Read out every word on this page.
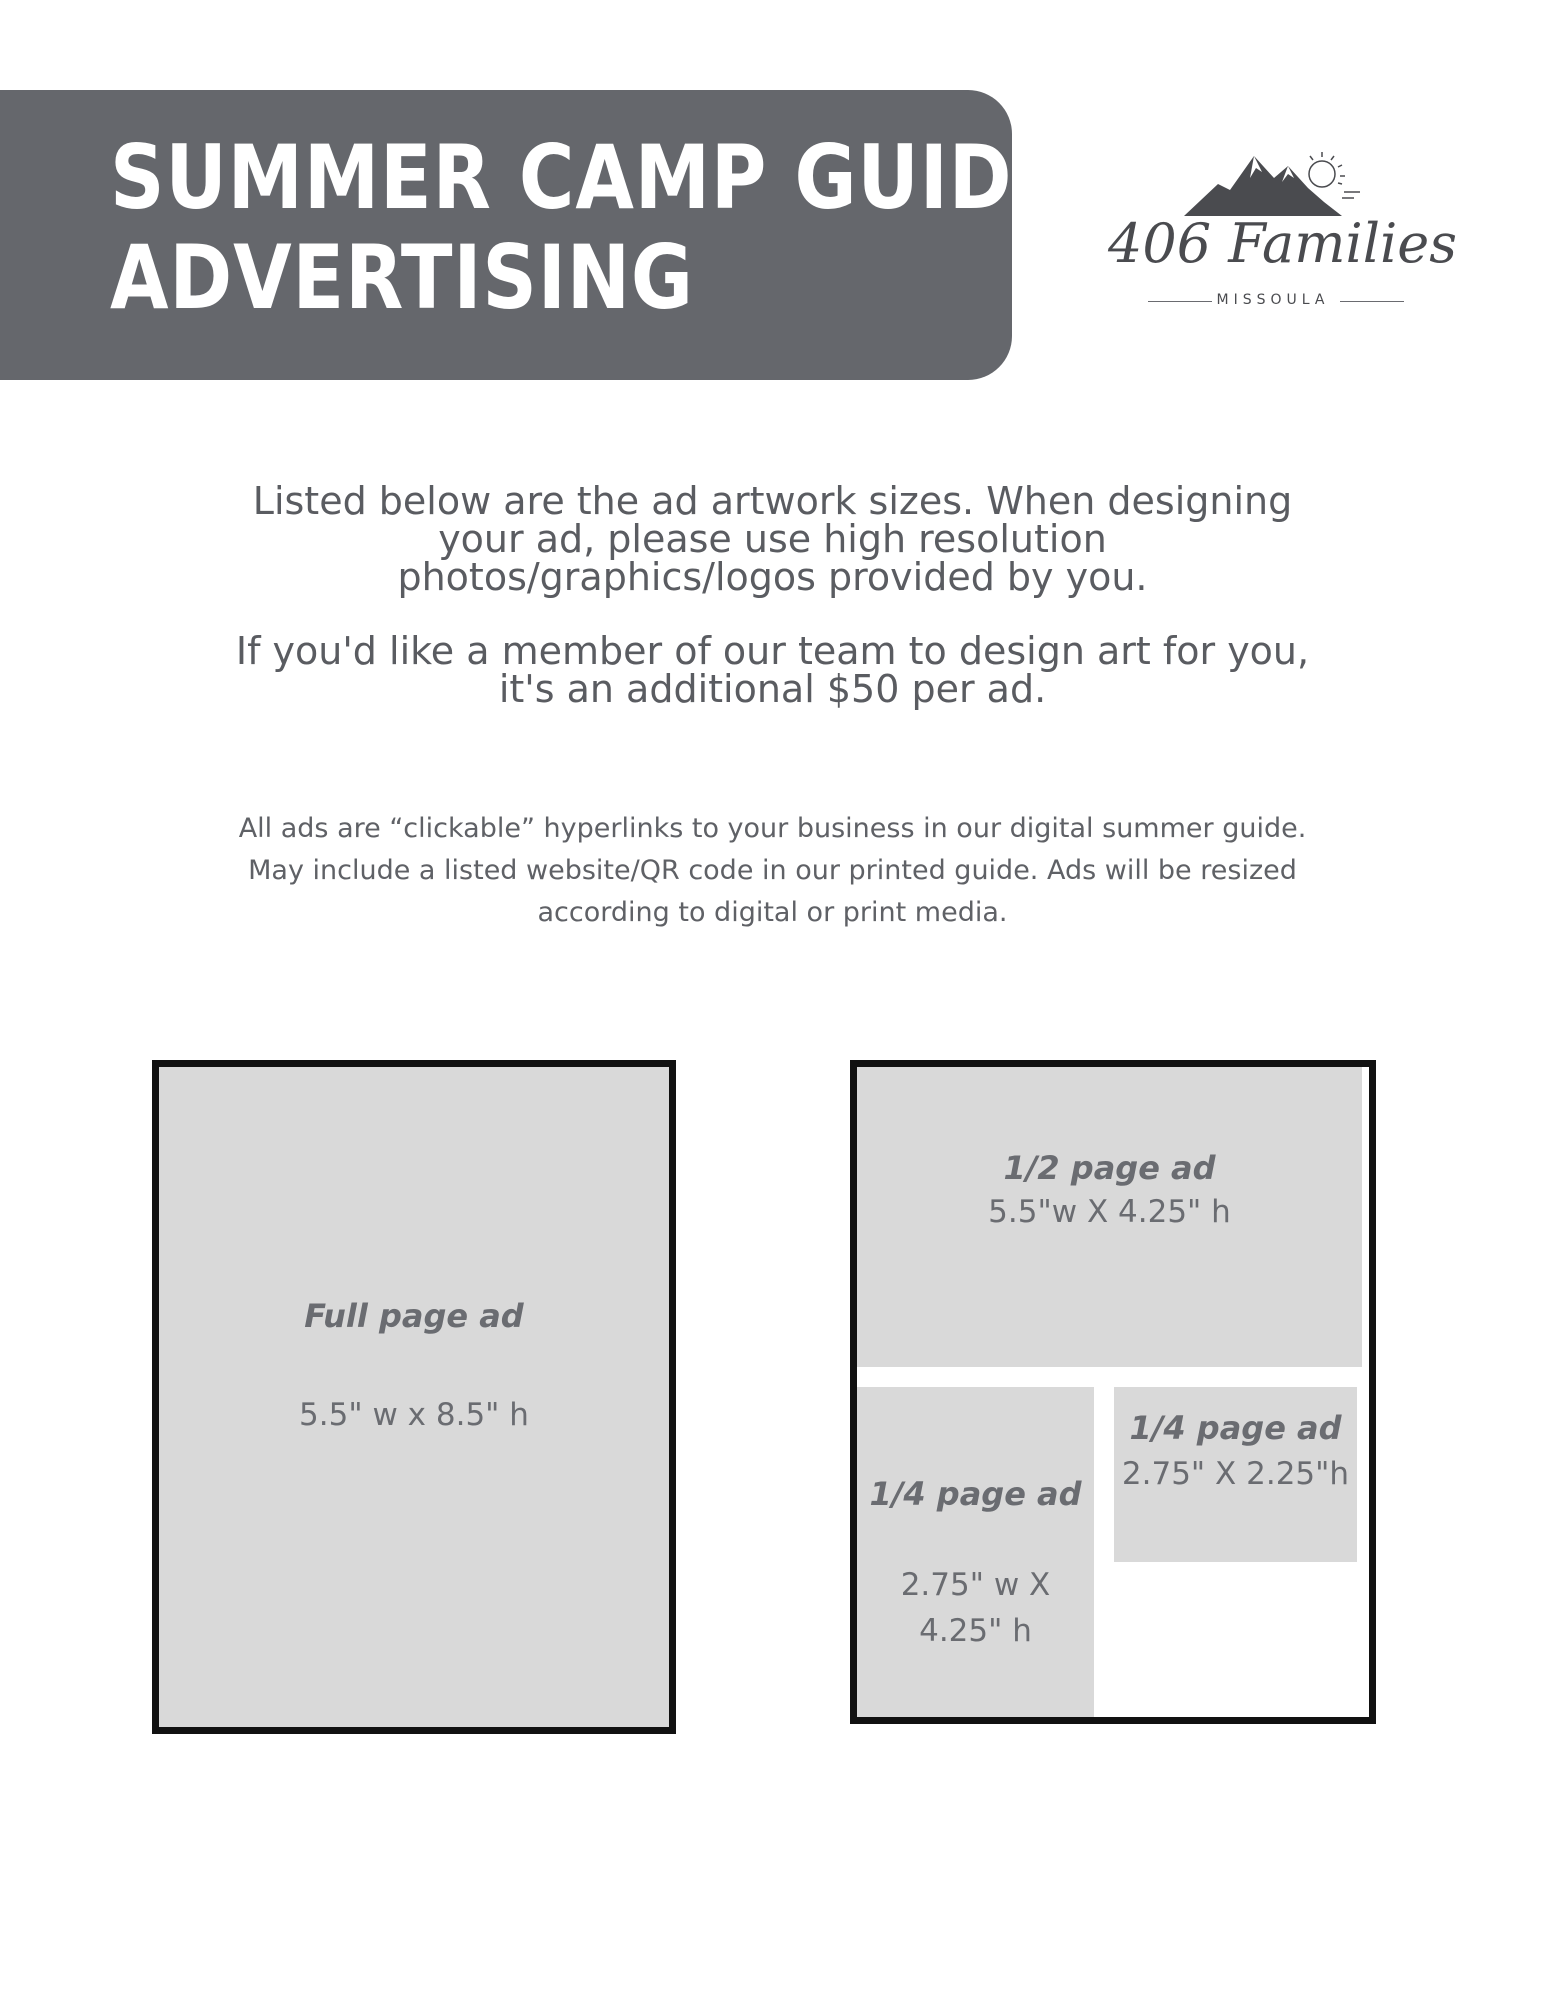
SUMMER CAMP GUIDE
ADVERTISING	406 Families
MISSOULA

Listed below are the ad artwork sizes. When designing

your ad, please use high resolution

photos/graphics/logos provided by you.

If you'd like a member of our team to design art for you,

it's an additional $50 per ad.

All ads are “clickable” hyperlinks to your business in our digital summer guide.

May include a listed website/QR code in our printed guide. Ads will be resized

according to digital or print media.

Full page ad
5.5" w x 8.5" h
1/2 page ad
5.5"w X 4.25" h
1/4 page ad
2.75" w X
4.25" h
1/4 page ad
2.75" X 2.25"h
